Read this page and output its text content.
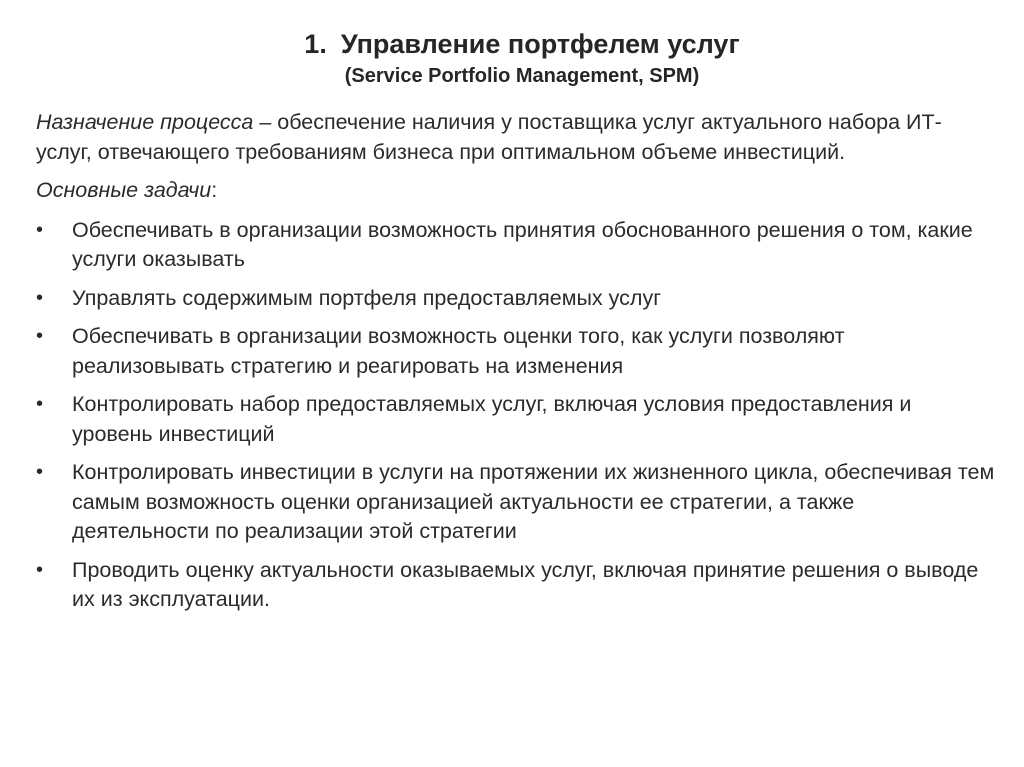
1. Управление портфелем услуг
(Service Portfolio Management, SPM)

Назначение процесса – обеспечение наличия у поставщика услуг актуального набора ИТ-услуг, отвечающего требованиям бизнеса при оптимальном объеме инвестиций.

Основные задачи:

• Обеспечивать в организации возможность принятия обоснованного решения о том, какие услуги оказывать
• Управлять содержимым портфеля предоставляемых услуг
• Обеспечивать в организации возможность оценки того, как услуги позволяют реализовывать стратегию и реагировать на изменения
• Контролировать набор предоставляемых услуг, включая условия предоставления и уровень инвестиций
• Контролировать инвестиции в услуги на протяжении их жизненного цикла, обеспечивая тем самым возможность оценки организацией актуальности ее стратегии, а также деятельности по реализации этой стратегии
• Проводить оценку актуальности оказываемых услуг, включая принятие решения о выводе их из эксплуатации.
